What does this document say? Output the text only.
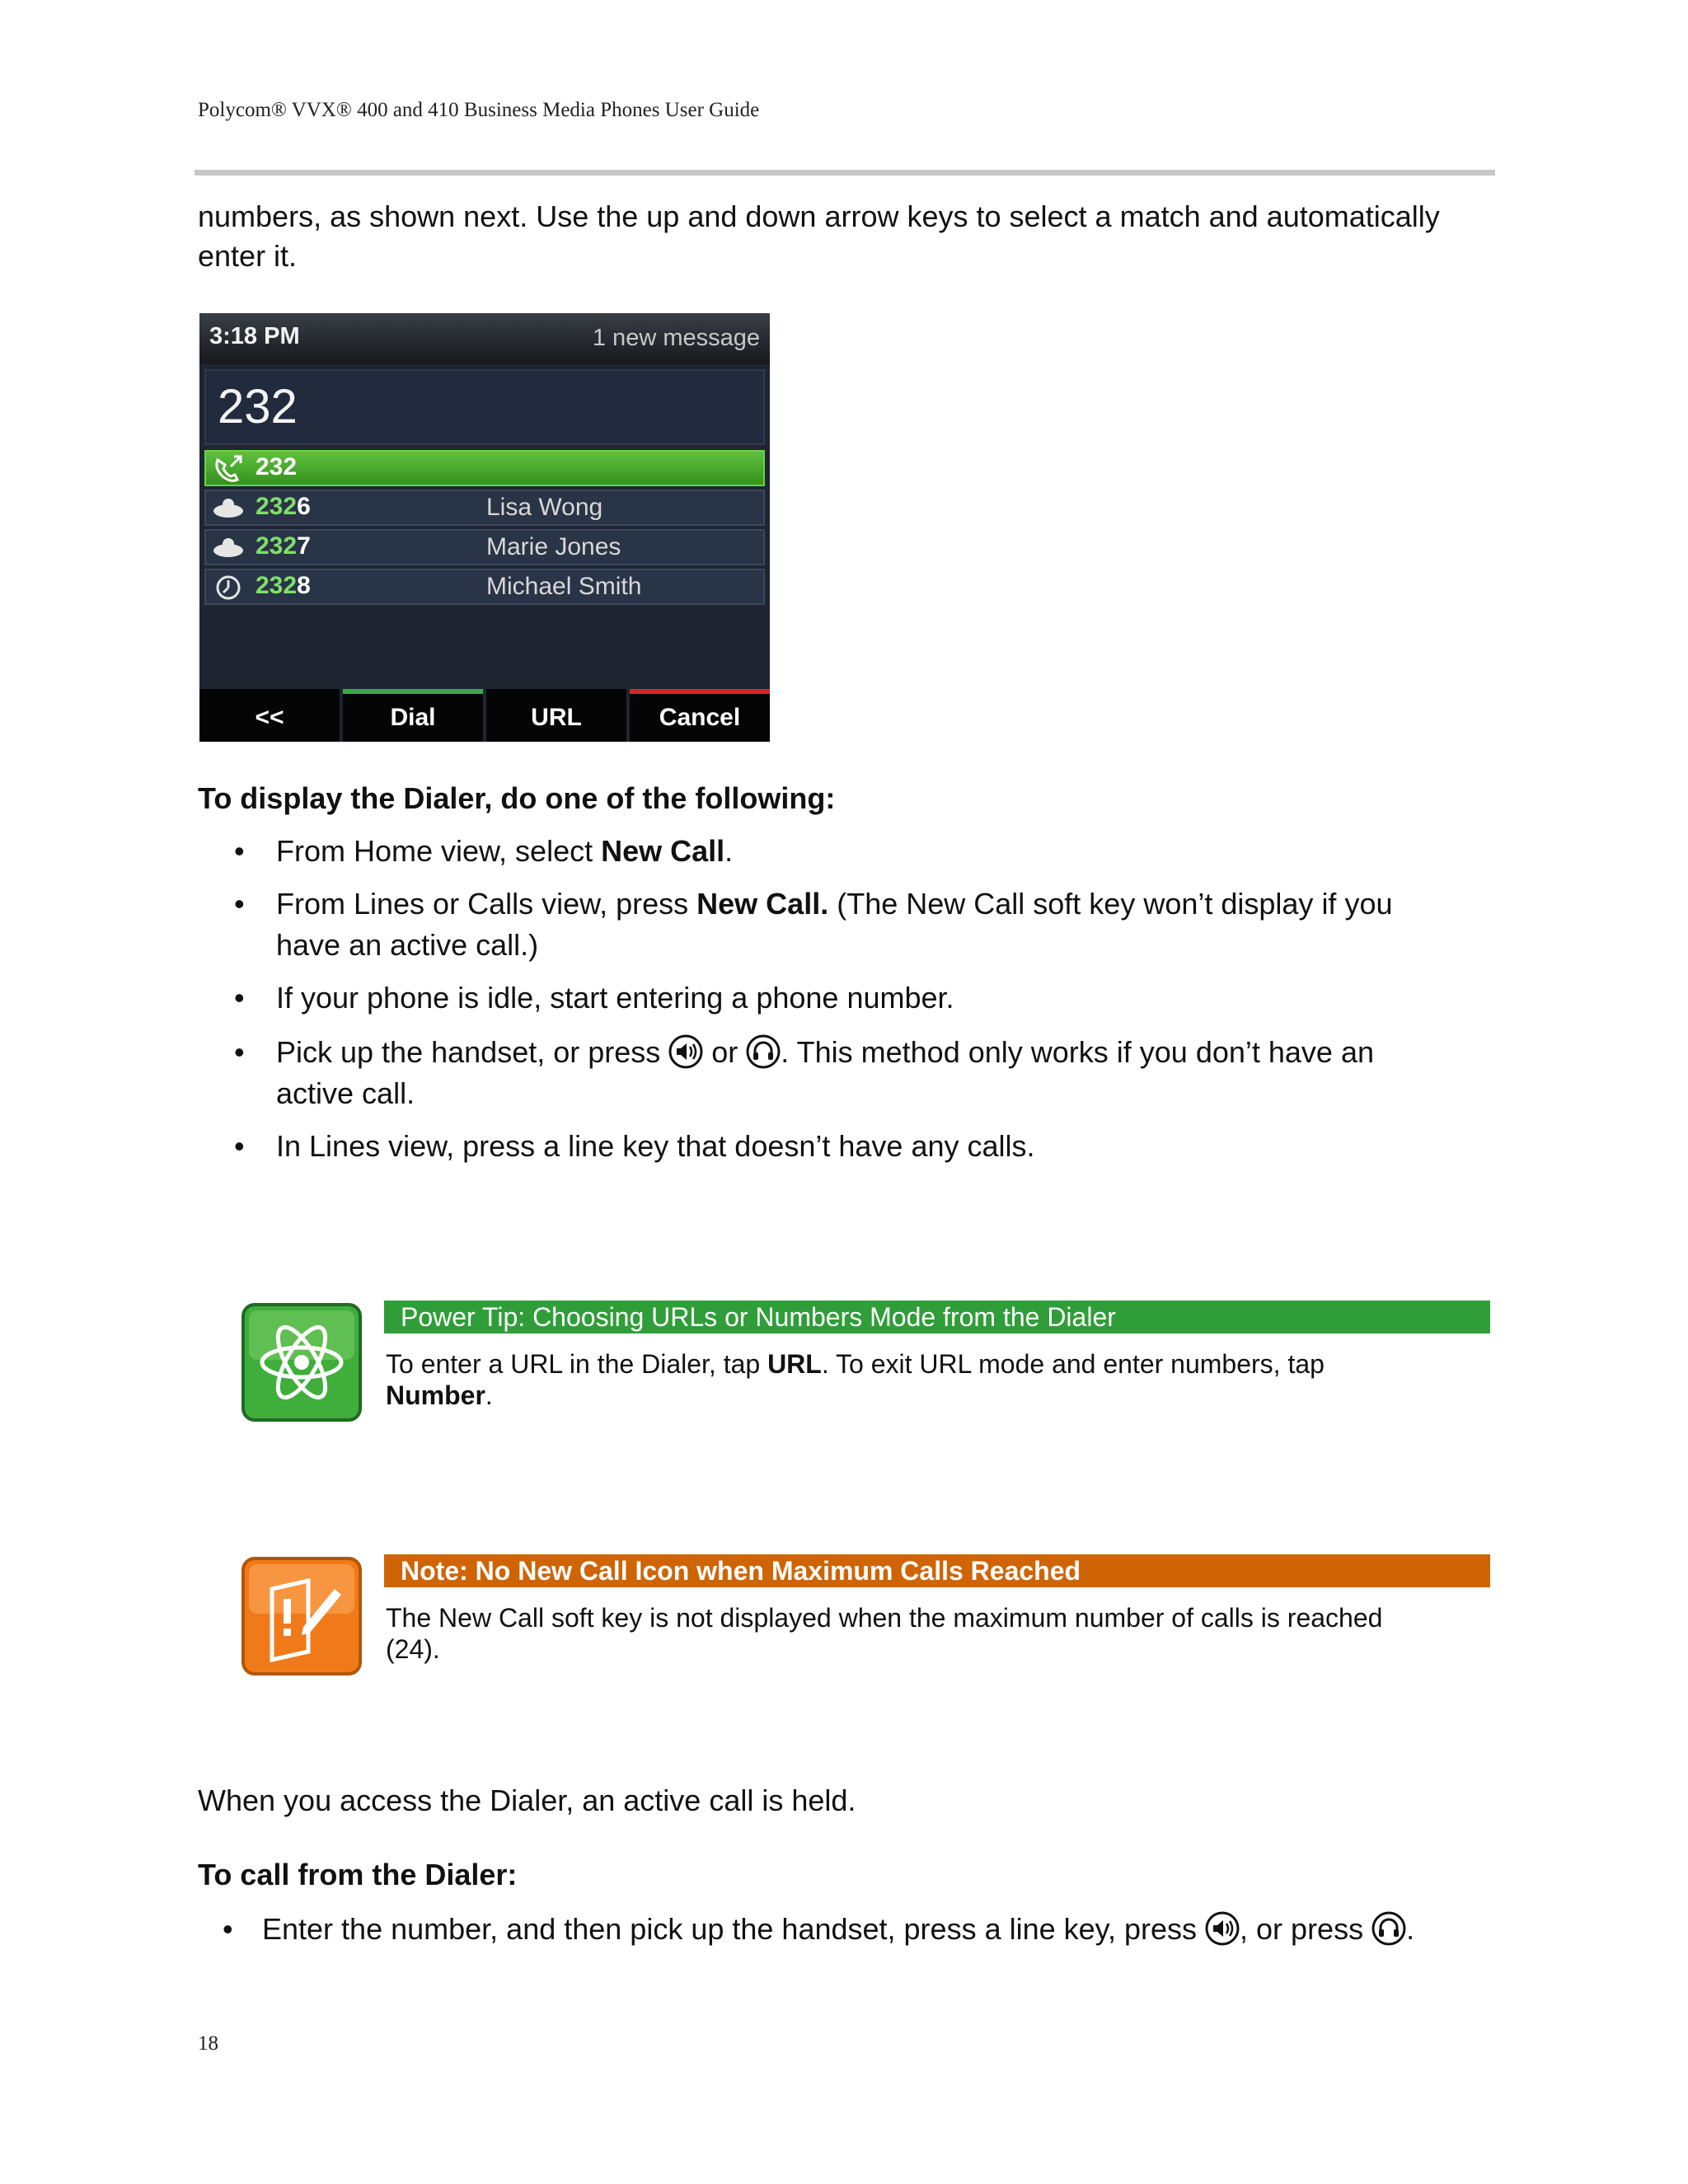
Polycom® VVX® 400 and 410 Business Media Phones User Guide
numbers, as shown next. Use the up and down arrow keys to select a match and automatically
enter it.
3:18 PM	1 new message
232
232
2326	Lisa Wong
2327	Marie Jones
2328	Michael Smith
<<	Dial	URL	Cancel
To display the Dialer, do one of the following:
• From Home view, select New Call.
• From Lines or Calls view, press New Call. (The New Call soft key won’t display if you
have an active call.)
• If your phone is idle, start entering a phone number.
• Pick up the handset, or press  or . This method only works if you don’t have an
active call.
• In Lines view, press a line key that doesn’t have any calls.
Power Tip: Choosing URLs or Numbers Mode from the Dialer
To enter a URL in the Dialer, tap URL. To exit URL mode and enter numbers, tap
Number.
Note: No New Call Icon when Maximum Calls Reached
The New Call soft key is not displayed when the maximum number of calls is reached
(24).
When you access the Dialer, an active call is held.
To call from the Dialer:
• Enter the number, and then pick up the handset, press a line key, press , or press .
18
